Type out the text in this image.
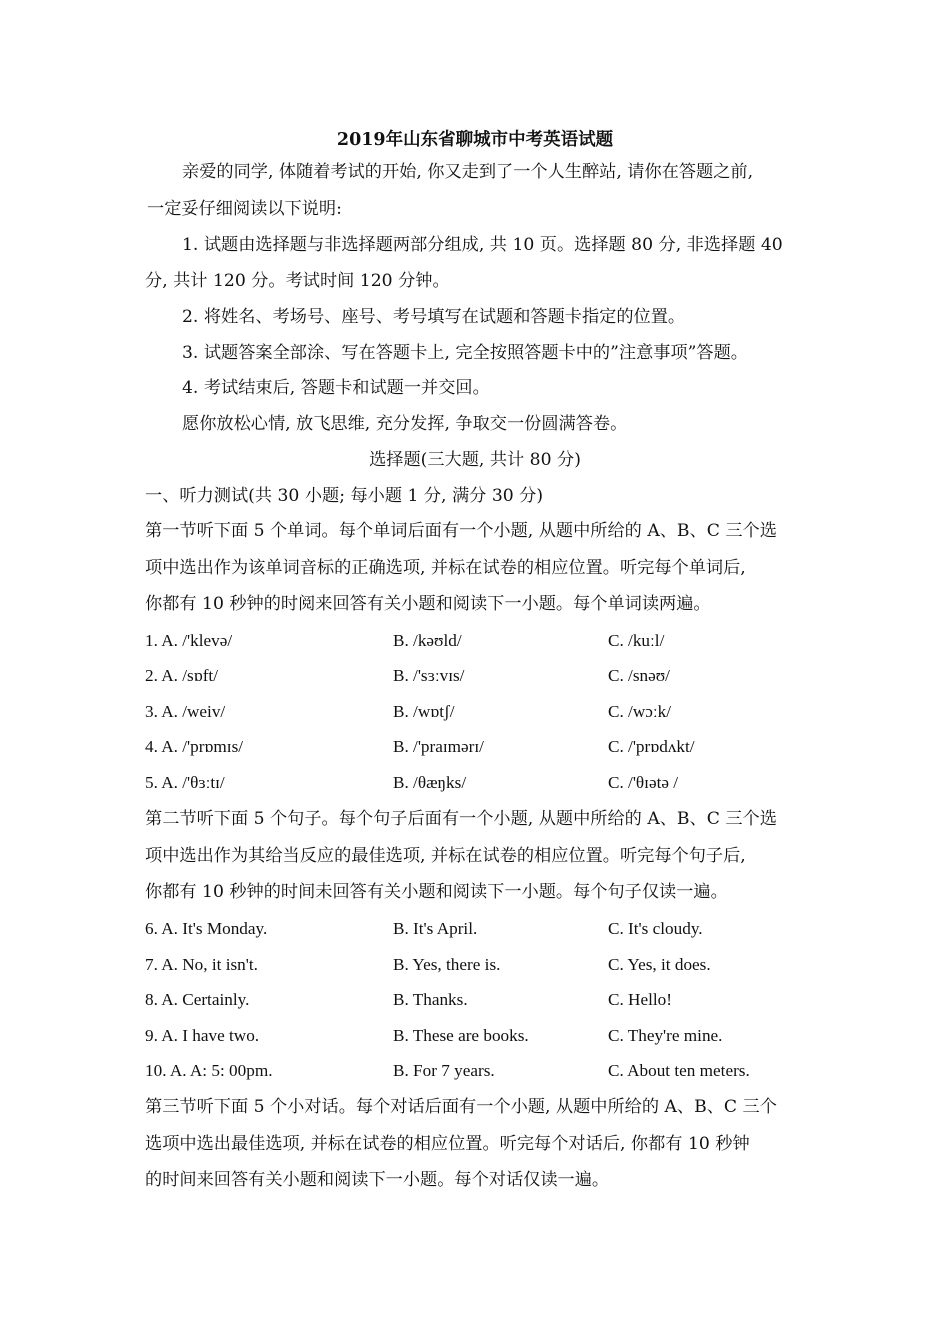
2019年山东省聊城市中考英语试题
亲爱的同学, 体随着考试的开始, 你又走到了一个人生醉站, 请你在答题之前,
一定妥仔细阅读以下说明:
1. 试题由选择题与非选择题两部分组成, 共 10 页。选择题 80 分, 非选择题 40
分, 共计 120 分。考试时间 120 分钟。
2. 将姓名、考场号、座号、考号填写在试题和答题卡指定的位置。
3. 试题答案全部涂、写在答题卡上, 完全按照答题卡中的”注意事项”答题。
4. 考试结束后, 答题卡和试题一并交回。
愿你放松心情, 放飞思维, 充分发挥, 争取交一份圆满答卷。
选择题(三大题, 共计 80 分)
一、听力测试(共 30 小题; 每小题 1 分, 满分 30 分)
第一节听下面 5 个单词。每个单词后面有一个小题, 从题中所给的 A、B、C 三个选
项中选出作为该单词音标的正确选项, 并标在试卷的相应位置。听完每个单词后,
你都有 10 秒钟的时阅来回答有关小题和阅读下一小题。每个单词读两遍。
1. A. /'klevə/	B. /kəʊld/	C. /kuːl/
2. A. /sɒft/	B. /'sɜːvɪs/	C. /snəʊ/
3. A. /weiv/	B. /wɒtʃ/	C. /wɔːk/
4. A. /'prɒmɪs/	B. /'praɪmərɪ/	C. /'prɒdʌkt/
5. A. /'θɜːtɪ/	B. /θæŋks/	C. /'θɪətə /
第二节听下面 5 个句子。每个句子后面有一个小题, 从题中所给的 A、B、C 三个选
项中选出作为其给当反应的最佳选项, 并标在试卷的相应位置。听完每个句子后,
你都有 10 秒钟的时间未回答有关小题和阅读下一小题。每个句子仅读一遍。
6. A. It's Monday.	B. It's April.	C. It's cloudy.
7. A. No, it isn't.	B. Yes, there is.	C. Yes, it does.
8. A. Certainly.	B. Thanks.	C. Hello!
9. A. I have two.	B. These are books.	C. They're mine.
10. A. A: 5: 00pm.	B. For 7 years.	C. About ten meters.
第三节听下面 5 个小对话。每个对话后面有一个小题, 从题中所给的 A、B、C 三个
选项中选出最佳选项, 并标在试卷的相应位置。听完每个对话后, 你都有 10 秒钟
的时间来回答有关小题和阅读下一小题。每个对话仅读一遍。
